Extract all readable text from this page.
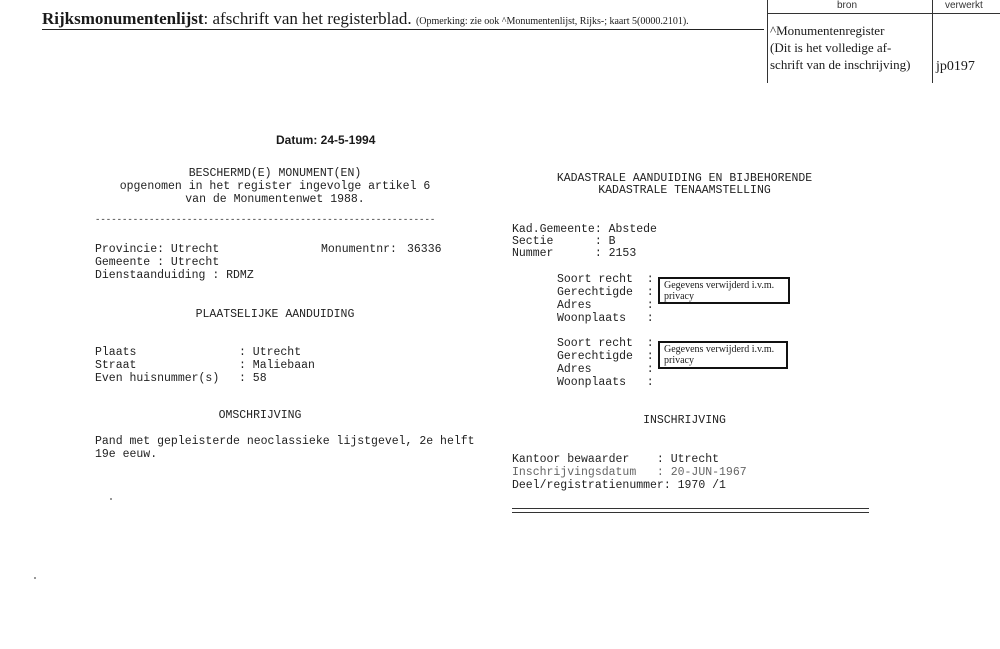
Rijksmonumentenlijst: afschrift van het registerblad. (Opmerking: zie ook ^Monumentenlijst, Rijks-; kaart 5(0000.2101).
bron	verwerkt
^Monumentenregister
(Dit is het volledige af-
schrift van de inschrijving) jp0197
Datum: 24-5-1994
BESCHERMD(E) MONUMENT(EN)
opgenomen in het register ingevolge artikel 6
van de Monumentenwet 1988.
---------------------------------------------------------------
Provincie: Utrecht	Monumentnr: 36336
Gemeente : Utrecht
Dienstaanduiding : RDMZ
PLAATSELIJKE AANDUIDING
Plaats	: Utrecht
Straat	: Maliebaan
Even huisnummer(s) : 58
OMSCHRIJVING
Pand met gepleisterde neoclassieke lijstgevel, 2e helft
19e eeuw.
KADASTRALE AANDUIDING EN BIJBEHORENDE
KADASTRALE TENAAMSTELLING
Kad.Gemeente: Abstede
Sectie      : B
Nummer      : 2153
Soort recht  :
Gerechtigde  :
Adres        :
Woonplaats   :
Gegevens verwijderd i.v.m.
privacy
Soort recht  :
Gerechtigde  :
Adres        :
Woonplaats   :
Gegevens verwijderd i.v.m.
privacy
INSCHRIJVING
Kantoor bewaarder    : Utrecht
Inschrijvingsdatum   : 20-JUN-1967
Deel/registratienummer: 1970 /1
